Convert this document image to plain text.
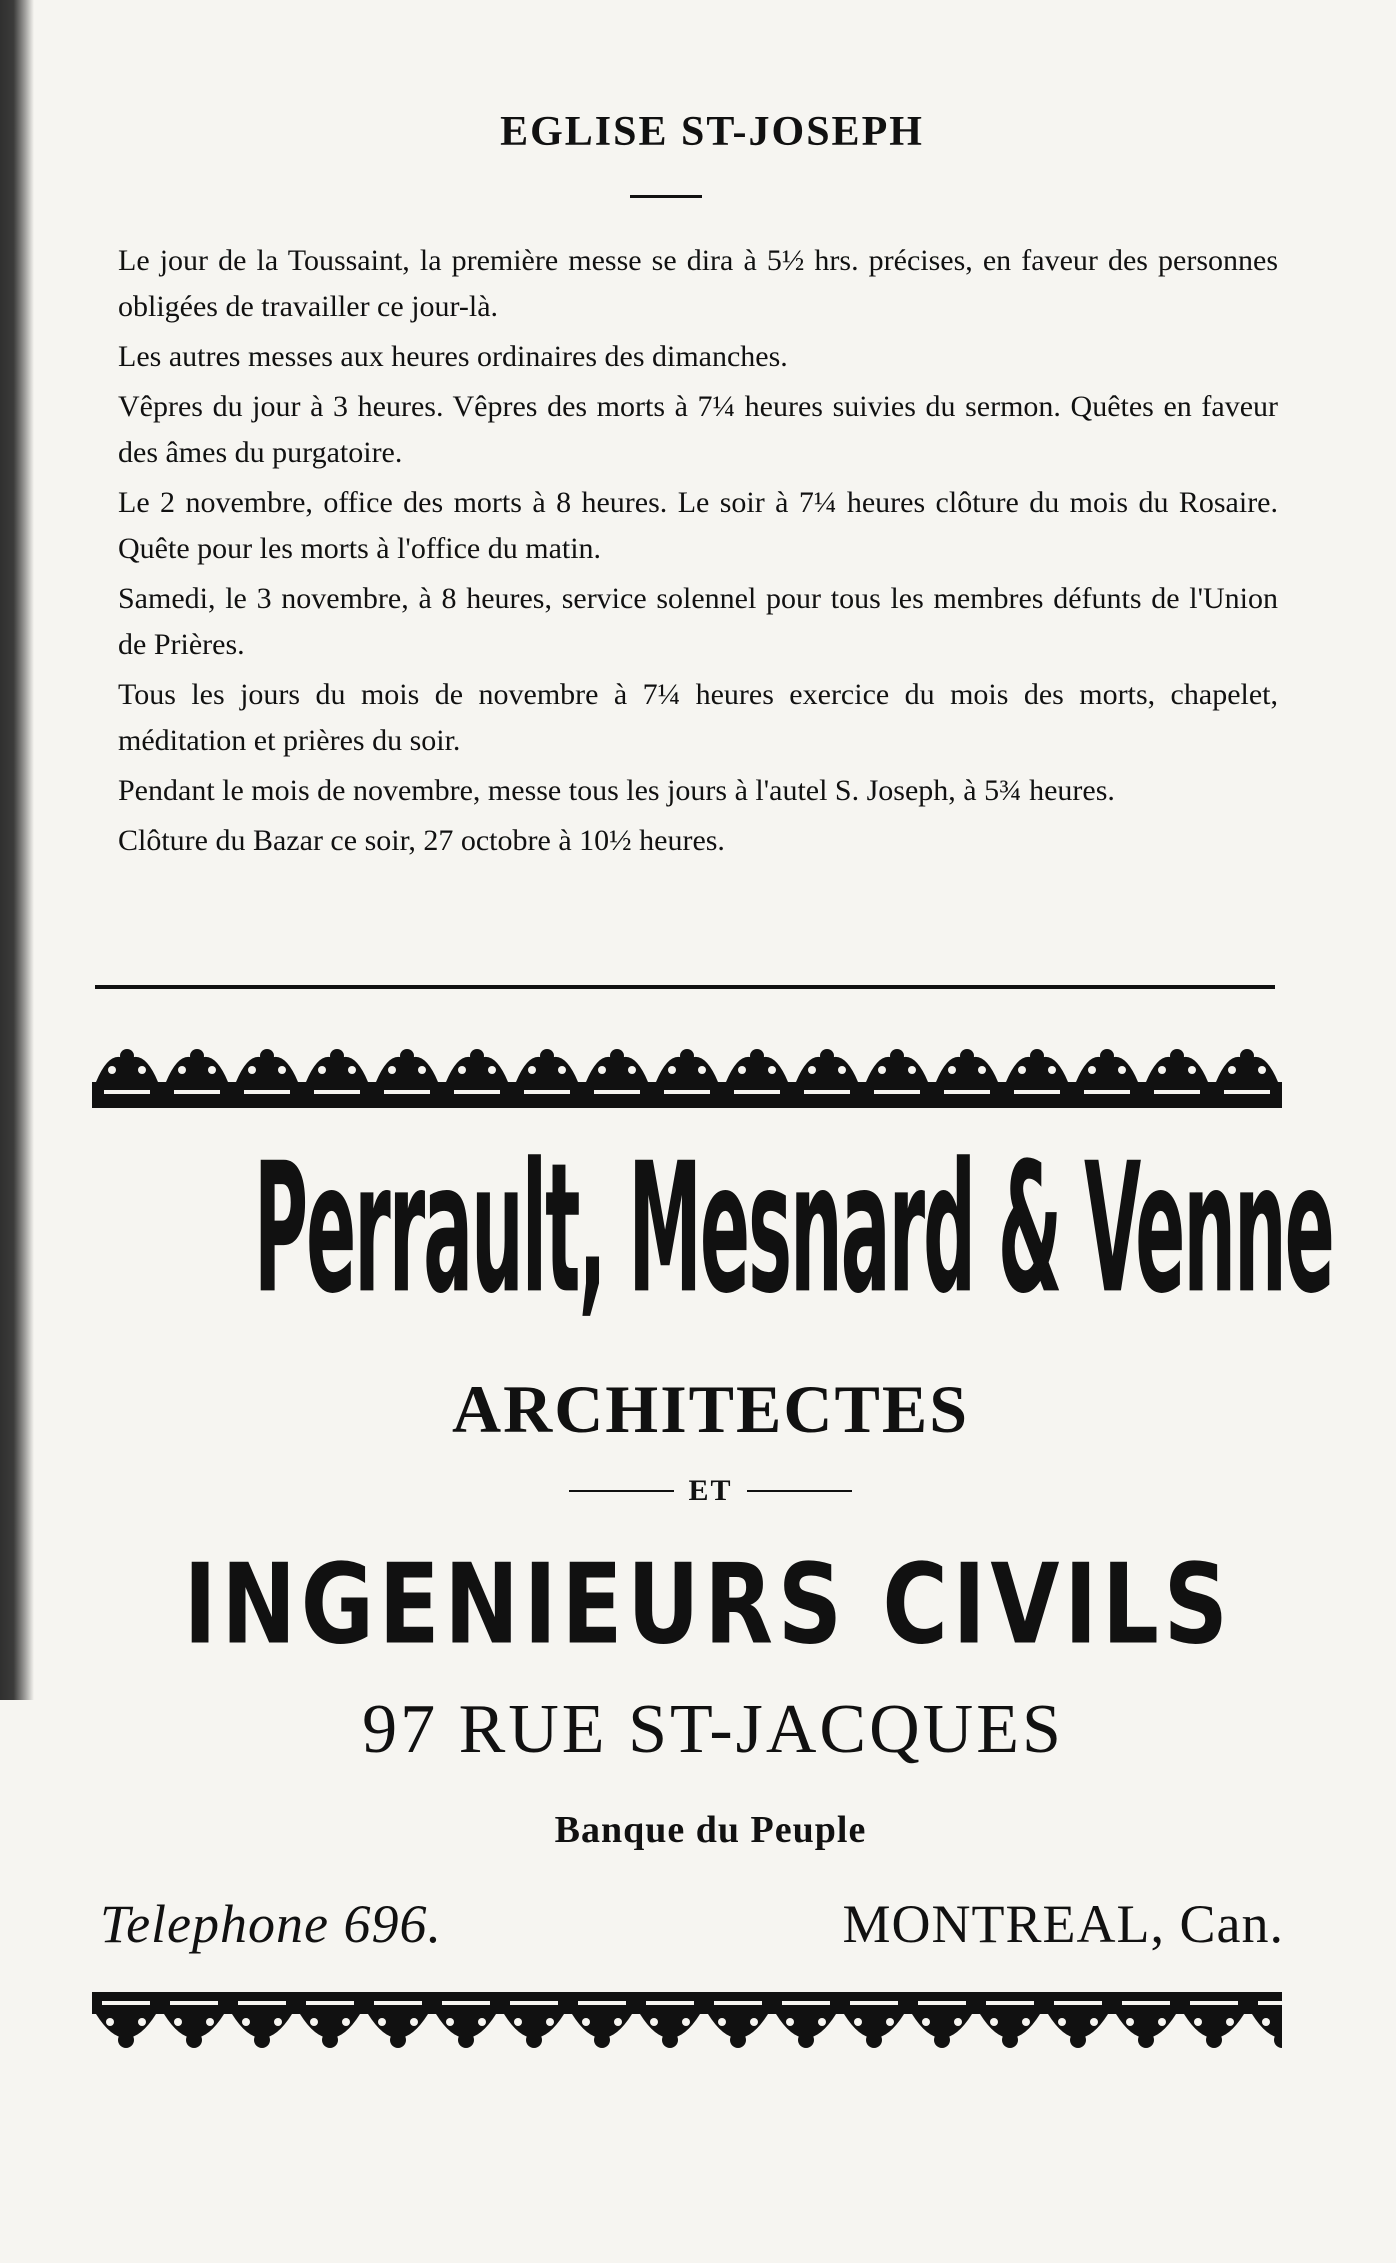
EGLISE ST-JOSEPH

Le jour de la Toussaint, la première messe se dira à 5½ hrs. précises, en faveur des personnes obligées de travailler ce jour-là.

Les autres messes aux heures ordinaires des dimanches.

Vêpres du jour à 3 heures. Vêpres des morts à 7¼ heures suivies du sermon. Quêtes en faveur des âmes du purgatoire.

Le 2 novembre, office des morts à 8 heures. Le soir à 7¼ heures clôture du mois du Rosaire. Quête pour les morts à l'office du matin.

Samedi, le 3 novembre, à 8 heures, service solennel pour tous les membres défunts de l'Union de Prières.

Tous les jours du mois de novembre à 7¼ heures exercice du mois des morts, chapelet, méditation et prières du soir.

Pendant le mois de novembre, messe tous les jours à l'autel S. Joseph, à 5¾ heures.

Clôture du Bazar ce soir, 27 octobre à 10½ heures.

Perrault, Mesnard & Venne
ARCHITECTES
ET
INGENIEURS CIVILS
97 RUE ST-JACQUES
Banque du Peuple
Telephone 696.	MONTREAL, Can.
